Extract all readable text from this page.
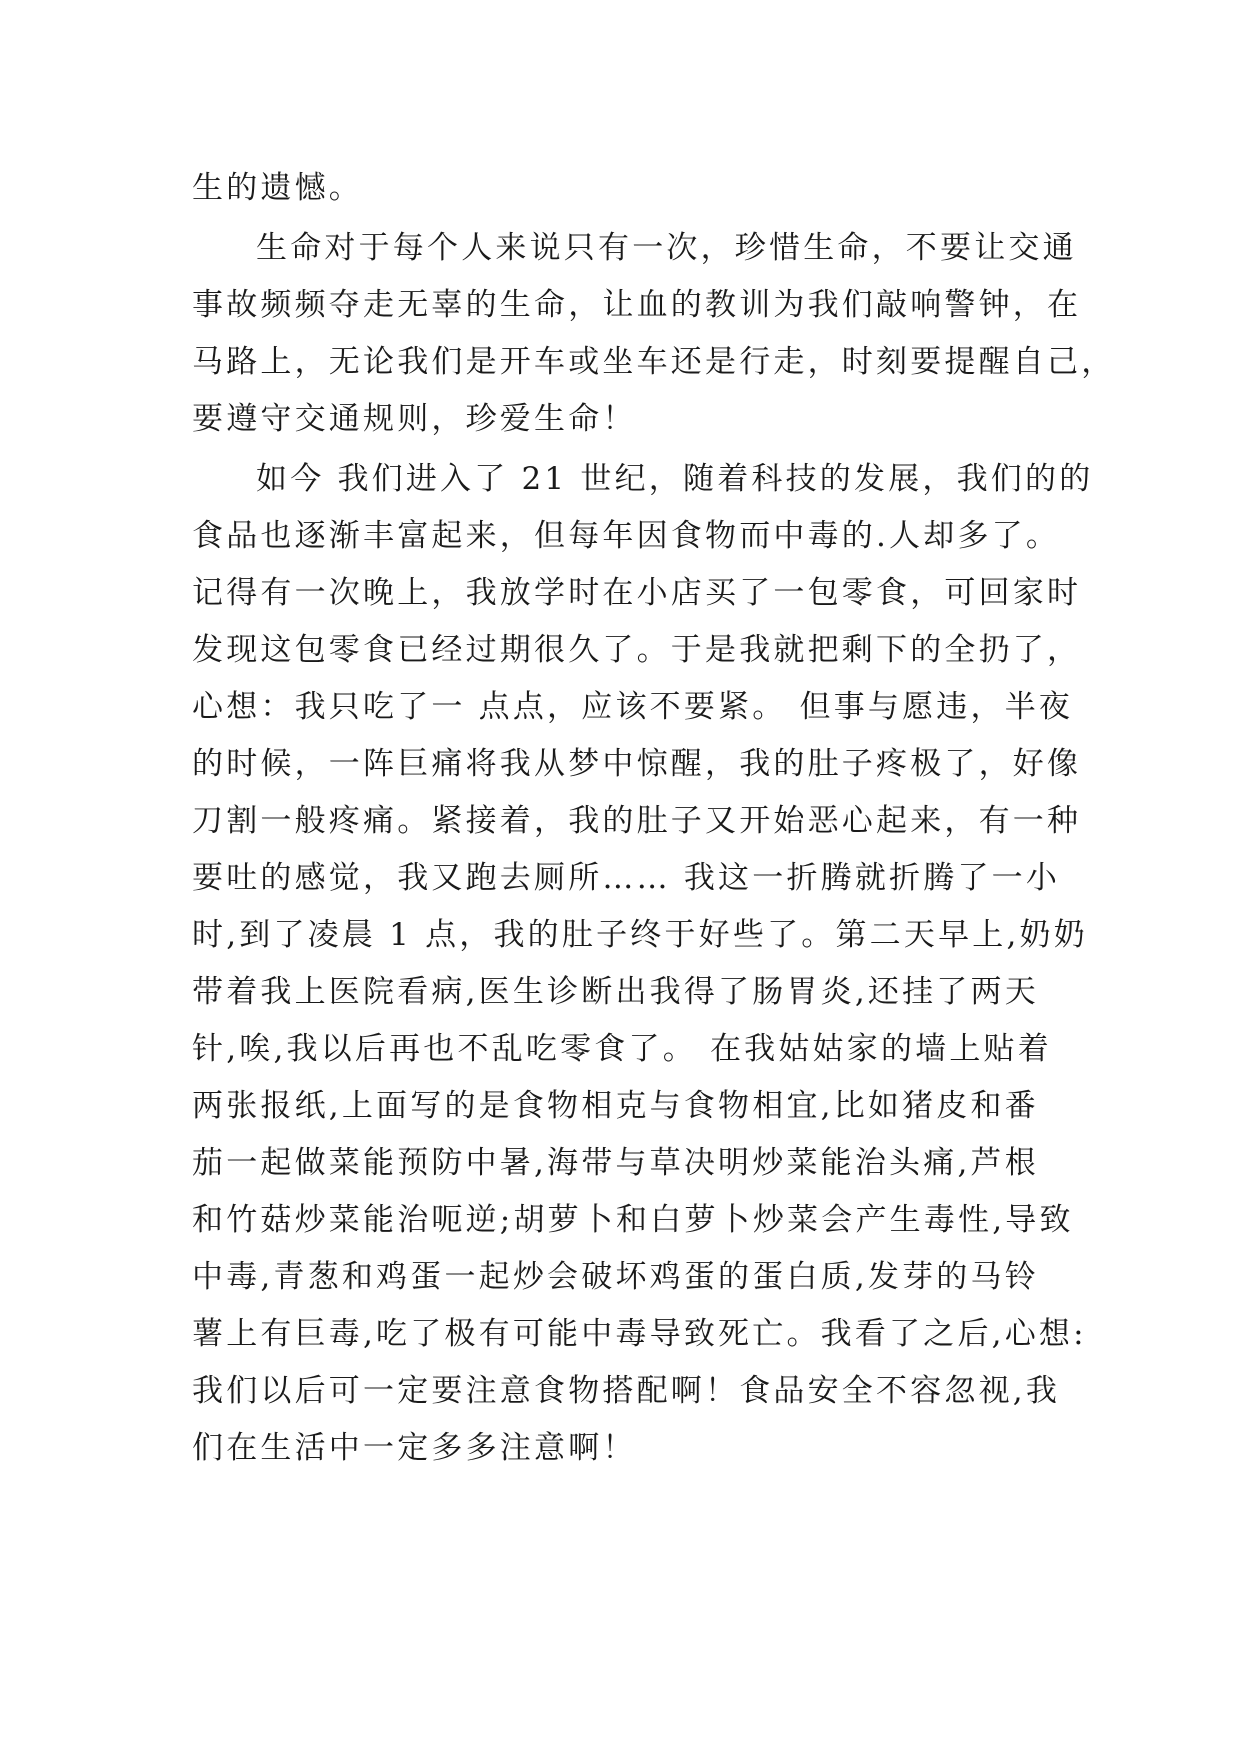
生的遗憾。
生命对于每个人来说只有一次，珍惜生命，不要让交通
事故频频夺走无辜的生命，让血的教训为我们敲响警钟，在
马路上，无论我们是开车或坐车还是行走，时刻要提醒自己，
要遵守交通规则，珍爱生命！
如今 我们进入了 21 世纪，随着科技的发展，我们的的
食品也逐渐丰富起来，但每年因食物而中毒的.人却多了。
记得有一次晚上，我放学时在小店买了一包零食，可回家时
发现这包零食已经过期很久了。于是我就把剩下的全扔了，
心想：我只吃了一 点点，应该不要紧。 但事与愿违，半夜
的时候，一阵巨痛将我从梦中惊醒，我的肚子疼极了，好像
刀割一般疼痛。紧接着，我的肚子又开始恶心起来，有一种
要吐的感觉，我又跑去厕所…… 我这一折腾就折腾了一小
时,到了凌晨 1 点，我的肚子终于好些了。第二天早上,奶奶
带着我上医院看病,医生诊断出我得了肠胃炎,还挂了两天
针,唉,我以后再也不乱吃零食了。 在我姑姑家的墙上贴着
两张报纸,上面写的是食物相克与食物相宜,比如猪皮和番
茄一起做菜能预防中暑,海带与草决明炒菜能治头痛,芦根
和竹菇炒菜能治呃逆;胡萝卜和白萝卜炒菜会产生毒性,导致
中毒,青葱和鸡蛋一起炒会破坏鸡蛋的蛋白质,发芽的马铃
薯上有巨毒,吃了极有可能中毒导致死亡。我看了之后,心想:
我们以后可一定要注意食物搭配啊！食品安全不容忽视,我
们在生活中一定多多注意啊！
